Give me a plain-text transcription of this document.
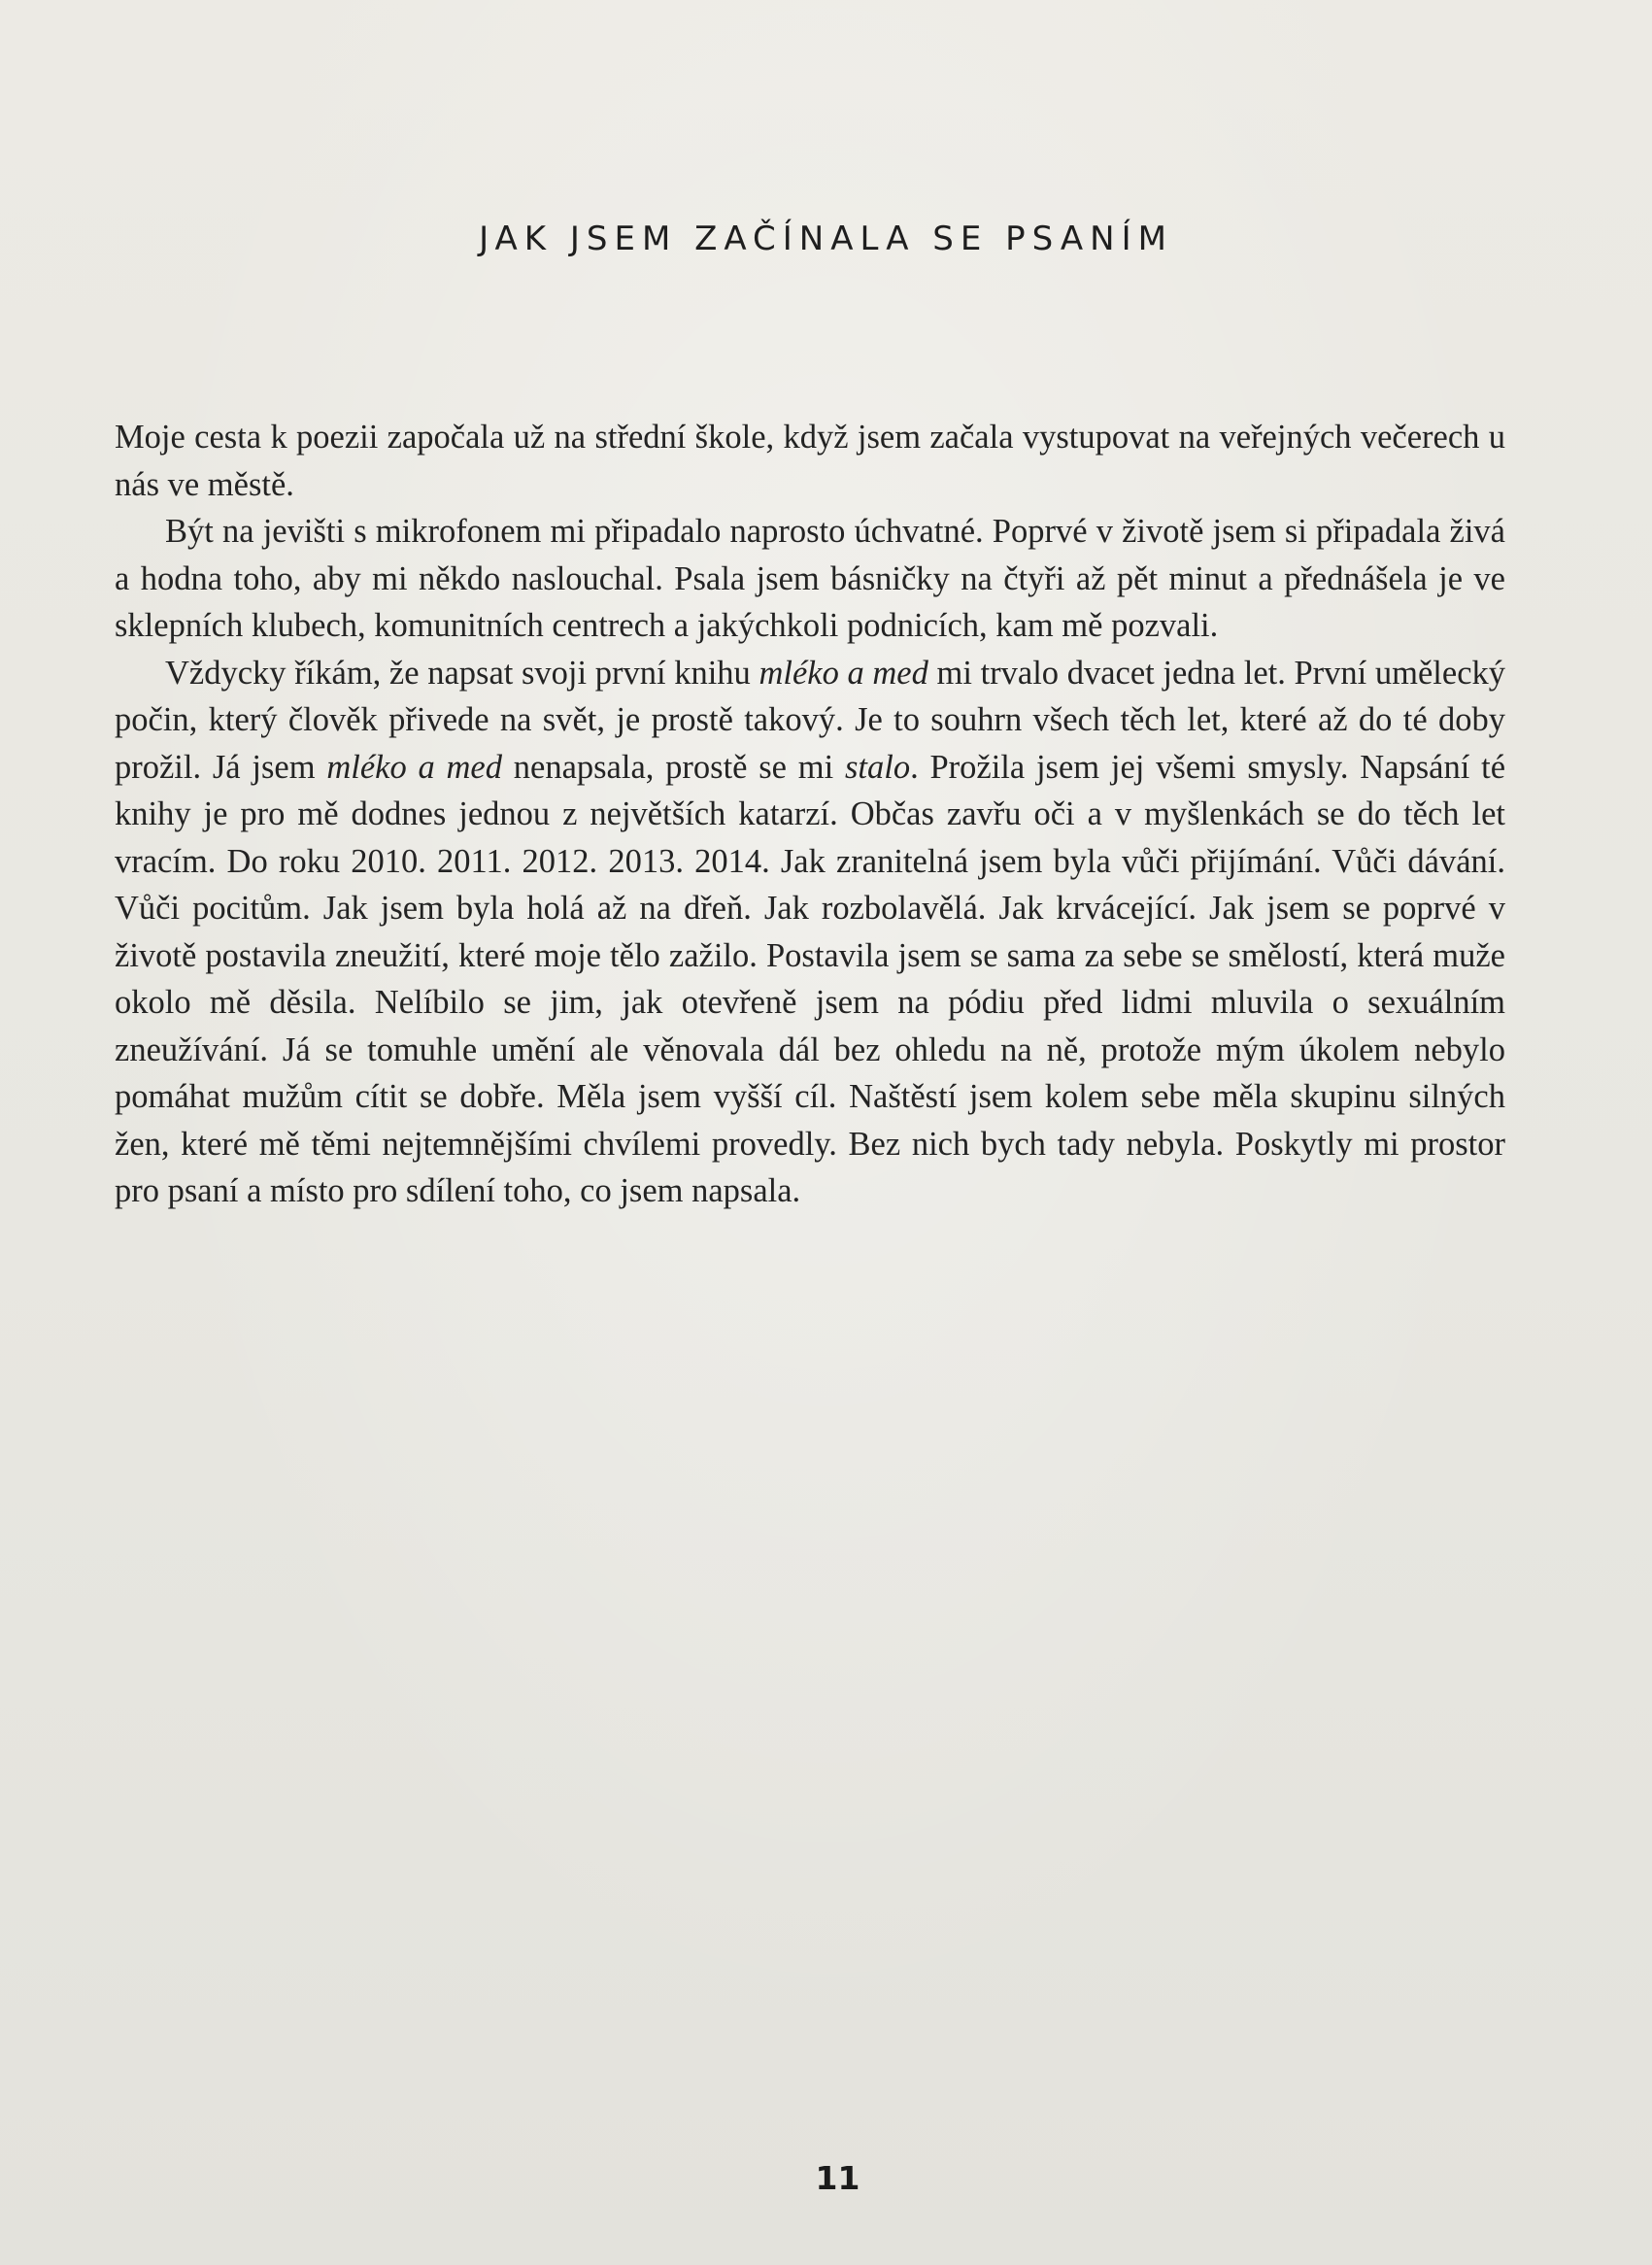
JAK JSEM ZAČÍNALA SE PSANÍM

Moje cesta k poezii započala už na střední škole, když jsem začala vystupovat na veřejných večerech u nás ve městě.

Být na jevišti s mikrofonem mi připadalo naprosto úchvatné. Poprvé v životě jsem si připadala živá a hodna toho, aby mi někdo naslouchal. Psala jsem básničky na čtyři až pět minut a přednášela je ve sklepních klubech, komunitních centrech a jakýchkoli podnicích, kam mě pozvali.

Vždycky říkám, že napsat svoji první knihu mléko a med mi trvalo dvacet jedna let. První umělecký počin, který člověk přivede na svět, je prostě takový. Je to souhrn všech těch let, které až do té doby prožil. Já jsem mléko a med nenapsala, prostě se mi stalo. Prožila jsem jej všemi smysly. Napsání té knihy je pro mě dodnes jednou z největších katarzí. Občas zavřu oči a v myšlenkách se do těch let vracím. Do roku 2010. 2011. 2012. 2013. 2014. Jak zranitelná jsem byla vůči přijímání. Vůči dávání. Vůči pocitům. Jak jsem byla holá až na dřeň. Jak rozbolavělá. Jak krvácející. Jak jsem se poprvé v životě postavila zneužití, které moje tělo zažilo. Postavila jsem se sama za sebe se smělostí, která muže okolo mě děsila. Nelíbilo se jim, jak otevřeně jsem na pódiu před lidmi mluvila o sexuálním zneužívání. Já se tomuhle umění ale věnovala dál bez ohledu na ně, protože mým úkolem nebylo pomáhat mužům cítit se dobře. Měla jsem vyšší cíl. Naštěstí jsem kolem sebe měla skupinu silných žen, které mě těmi nejtemnějšími chvílemi provedly. Bez nich bych tady nebyla. Poskytly mi prostor pro psaní a místo pro sdílení toho, co jsem napsala.

11
